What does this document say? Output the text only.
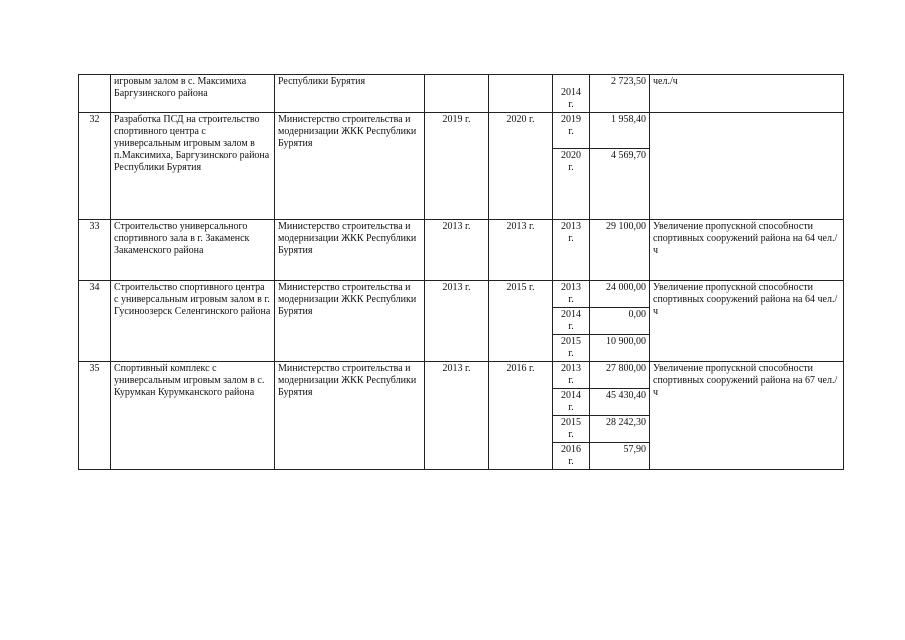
	игровым залом в с. Максимиха Баргузинского района	Республики Бурятия			2014
г.	2 723,50	чел./ч
32	Разработка ПСД на строительство спортивного центра с универсальным игровым залом в п.Максимиха, Баргузинского района Республики Бурятия	Министерство строительства и модернизации ЖКК Республики Бурятия	2019 г.	2020 г.	2019
г.	1 958,40	

					2020
г.	4 569,70	
33	Строительство универсального спортивного зала в г. Закаменск Закаменского района	Министерство строительства и модернизации ЖКК Республики Бурятия	2013 г.	2013 г.	2013
г.	29 100,00	Увеличение пропускной способности спортивных сооружений района на 64 чел./ч
34	Строительство спортивного центра с универсальным игровым залом в г. Гусиноозерск Селенгинского района	Министерство строительства и модернизации ЖКК Республики Бурятия	2013 г.	2015 г.	2013
г.	24 000,00	Увеличение пропускной способности спортивных сооружений района на 64 чел./ч

					2014
г.	0,00	

					2015
г.	10 900,00	
35	Спортивный комплекс с универсальным игровым залом в с. Курумкан Курумканского района	Министерство строительства и модернизации ЖКК Республики Бурятия	2013 г.	2016 г.	2013
г.	27 800,00	Увеличение пропускной способности спортивных сооружений района на 67 чел./ч

					2014
г.	45 430,40	

					2015
г.	28 242,30	

					2016
г.	57,90	
